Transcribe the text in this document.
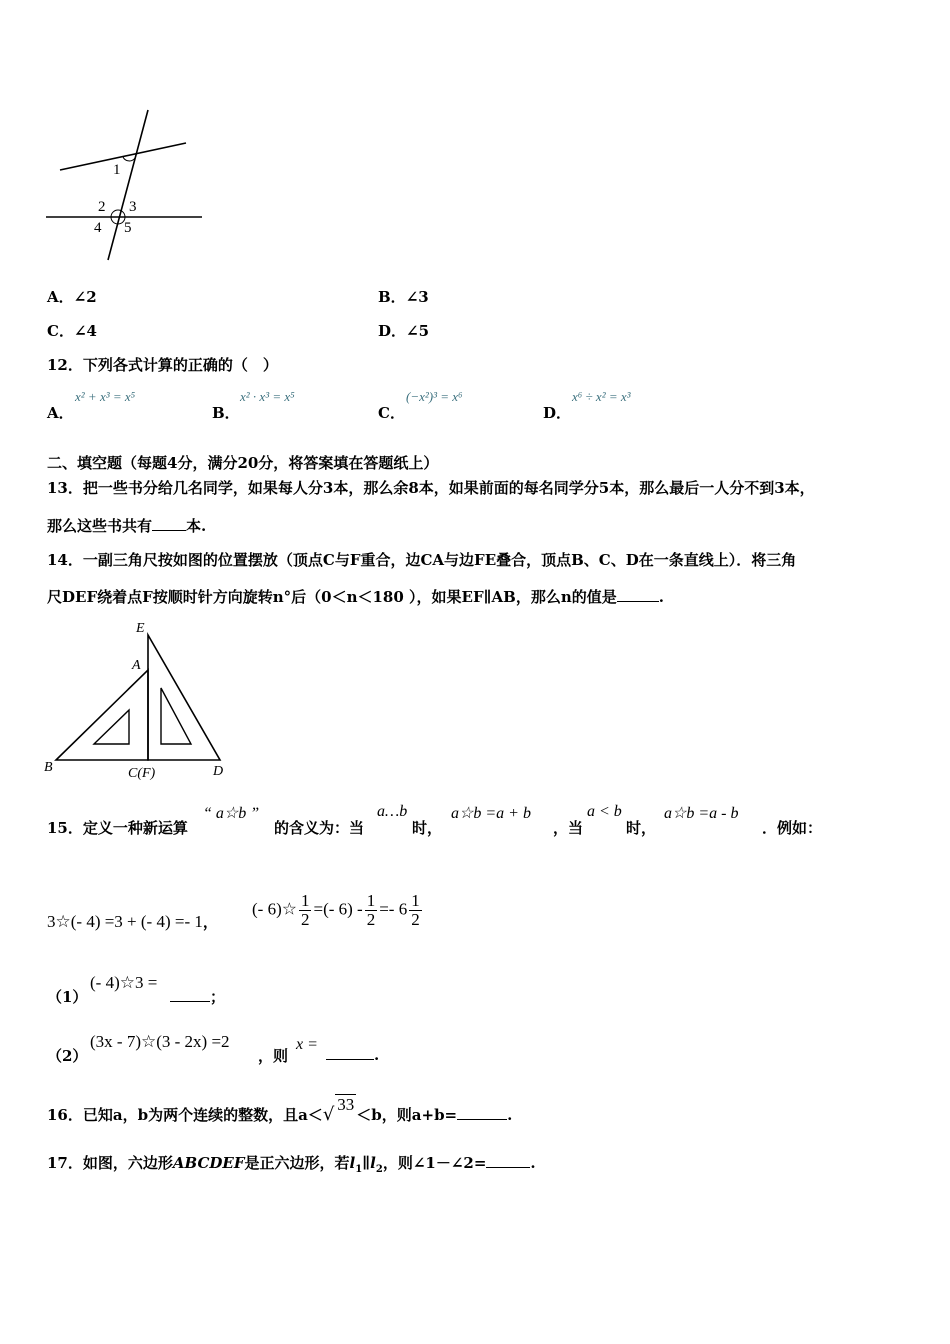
1
2 3
4 5
A．∠2	B．∠3
C．∠4	D．∠5
12．下列各式计算的正确的（　）
A．
x² + x³ = x⁵
B．
x² · x³ = x⁵
C．
(−x²)³ = x⁶
D．
x⁶ ÷ x² = x³
二、填空题（每题4分，满分20分，将答案填在答题纸上）
13．把一些书分给几名同学，如果每人分3本，那么余8本，如果前面的每名同学分5本，那么最后一人分不到3本，
那么这些书共有 本.
14．一副三角尺按如图的位置摆放（顶点C与F重合，边CA与边FE叠合，顶点B、C、D在一条直线上）．将三角
尺DEF绕着点F按顺时针方向旋转n°后（0＜n＜180 ），如果EF∥AB，那么n的值是	.
E
A
B	C(F)	D
15．定义一种新运算
“ a☆b ”
的含义为：当
a…b
时，
a☆b =a + b
，当
a < b
时，
a☆b =a - b
．例如：
3☆(- 4) =3 + (- 4) =- 1，
(- 6)☆ $\frac{1}{2}$ =(- $6) - \frac{1}{2} =- 6 \frac{1}{2}$
（1）
(- 4)☆3 =
；
（2）
(3x - 7)☆(3 - 2x) =2
，则
x =
.
16．已知a，b为两个连续的整数，且a＜√ 33＜b，则a+b=	.
17．如图，六边形ABCDEF是正六边形，若$l_1\parallel l_2$，则∠1－∠2=	.
